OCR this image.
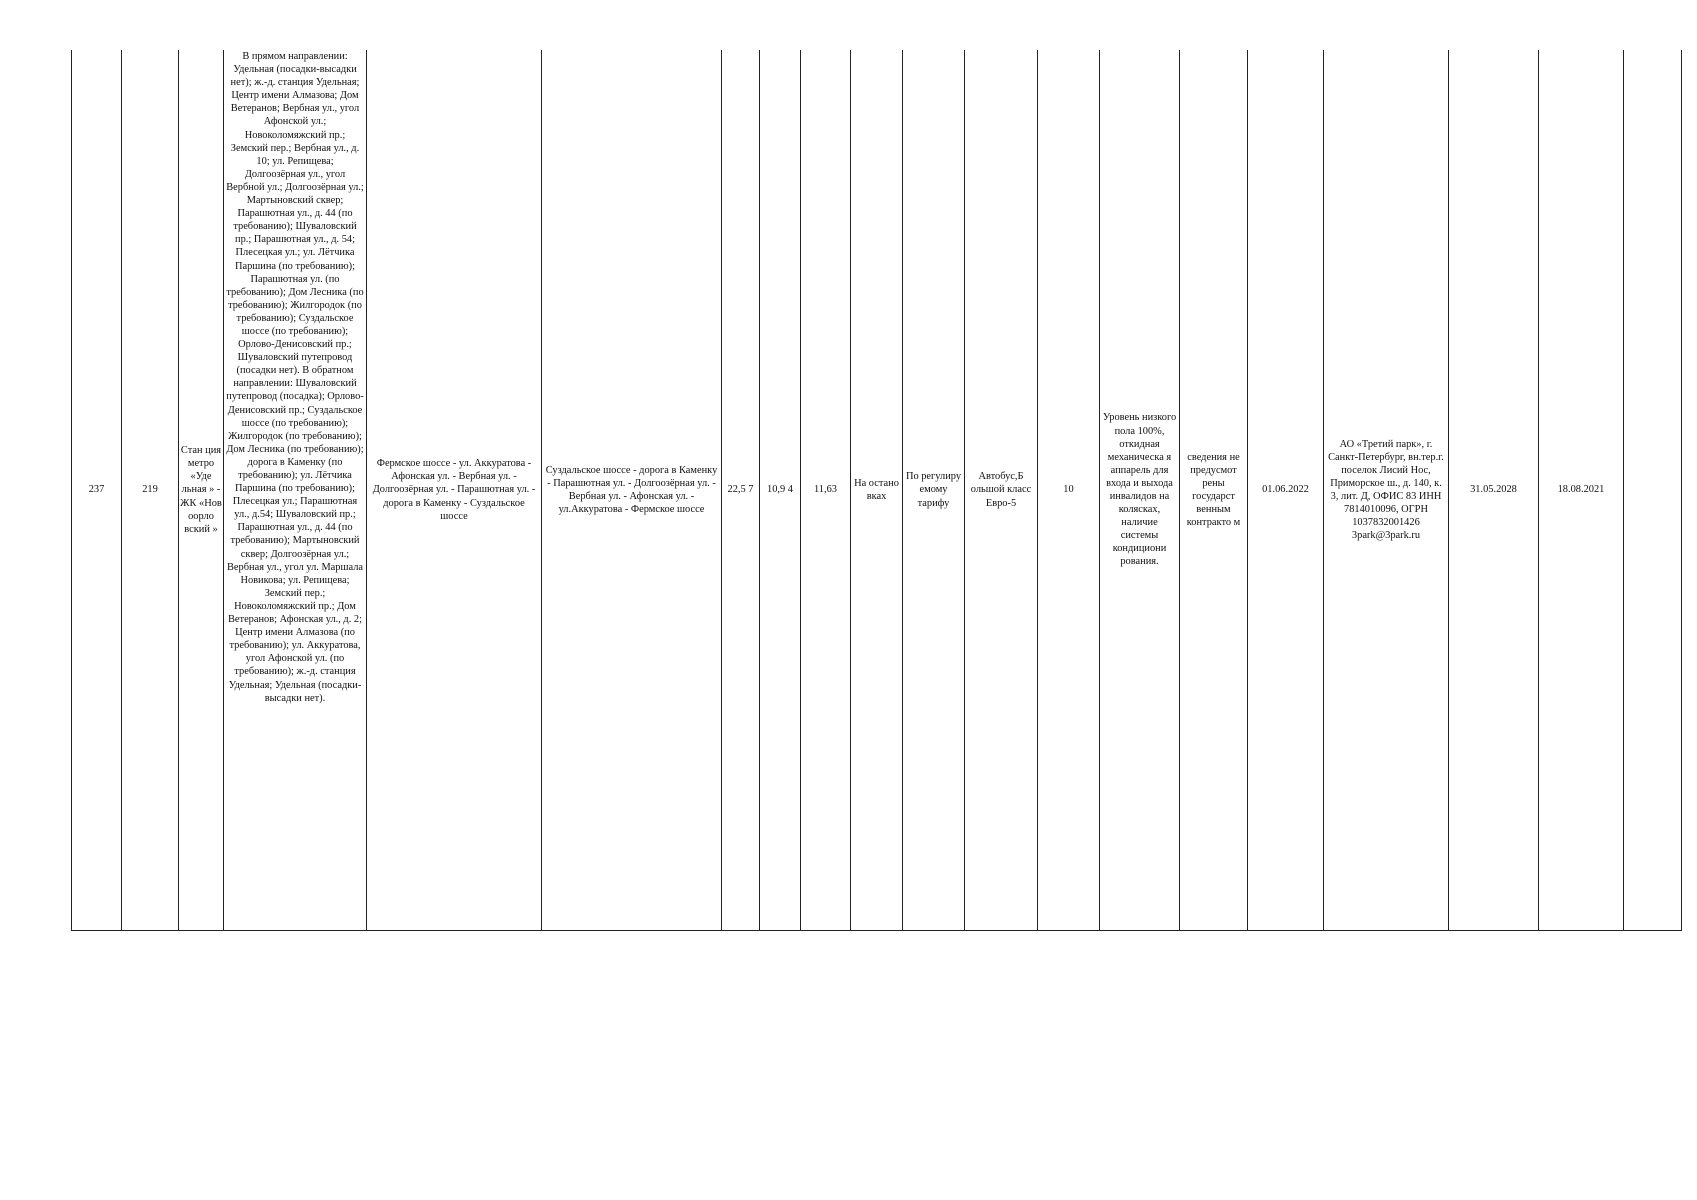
237	219	Стан ция метро «Уде льная » - ЖК «Нов оорло вский »	В прямом направлении: Удельная (посадки-высадки нет); ж.-д. станция Удельная; Центр имени Алмазова; Дом Ветеранов; Вербная ул., угол Афонской ул.; Новоколомяжский пр.; Земский пер.; Вербная ул., д. 10; ул. Репищева; Долгоозёрная ул., угол Вербной ул.; Долгоозёрная ул.; Мартыновский сквер; Парашютная ул., д. 44 (по требованию); Шуваловский пр.; Парашютная ул., д. 54; Плесецкая ул.; ул. Лётчика Паршина (по требованию); Парашютная ул. (по требованию); Дом Лесника (по требованию); Жилгородок (по требованию); Суздальское шоссе (по требованию); Орлово-Денисовский пр.; Шуваловский путепровод (посадки нет). В обратном направлении: Шуваловский путепровод (посадка); Орлово-Денисовский пр.; Суздальское шоссе (по требованию); Жилгородок (по требованию); Дом Лесника (по требованию); дорога в Каменку (по требованию); ул. Лётчика Паршина (по требованию); Плесецкая ул.; Парашютная ул., д.54; Шуваловский пр.; Парашютная ул., д. 44 (по требованию); Мартыновский сквер; Долгоозёрная ул.; Вербная ул., угол ул. Маршала Новикова; ул. Репищева; Земский пер.; Новоколомяжский пр.; Дом Ветеранов; Афонская ул., д. 2; Центр имени Алмазова (по требованию); ул. Аккуратова, угол Афонской ул. (по требованию); ж.-д. станция Удельная; Удельная (посадки-высадки нет).	Фермское шоссе - ул. Аккуратова - Афонская ул. - Вербная ул. - Долгоозёрная ул. - Парашютная ул. - дорога в Каменку - Суздальское шоссе	Суздальское шоссе - дорога в Каменку - Парашютная ул. - Долгоозёрная ул. - Вербная ул. - Афонская ул. - ул.Аккуратова - Фермское шоссе	22,5 7	10,9 4	11,63	На остано вках	По регулиру емому тарифу	Автобус,Б ольшой класс Евро-5	10	Уровень низкого пола 100%, откидная механическа я аппарель для входа и выхода инвалидов на колясках, наличие системы кондициони рования.	сведения не предусмот рены государст венным контракто м	01.06.2022	АО «Третий парк», г. Санкт-Петербург, вн.тер.г. поселок Лисий Нос, Приморское ш., д. 140, к. 3, лит. Д, ОФИС 83 ИНН 7814010096, ОГРН 1037832001426 3park@3park.ru	31.05.2028	18.08.2021	
